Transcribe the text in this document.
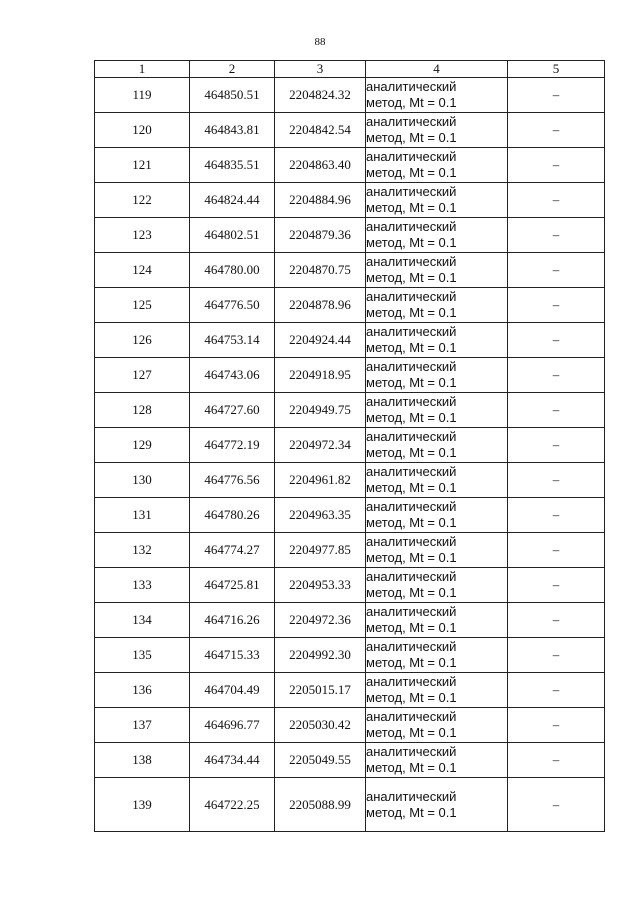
88
1	2	3	4	5
119	464850.51	2204824.32	аналитический
метод, Mt = 0.1	–
120	464843.81	2204842.54	аналитический
метод, Mt = 0.1	–
121	464835.51	2204863.40	аналитический
метод, Mt = 0.1	–
122	464824.44	2204884.96	аналитический
метод, Mt = 0.1	–
123	464802.51	2204879.36	аналитический
метод, Mt = 0.1	–
124	464780.00	2204870.75	аналитический
метод, Mt = 0.1	–
125	464776.50	2204878.96	аналитический
метод, Mt = 0.1	–
126	464753.14	2204924.44	аналитический
метод, Mt = 0.1	–
127	464743.06	2204918.95	аналитический
метод, Mt = 0.1	–
128	464727.60	2204949.75	аналитический
метод, Mt = 0.1	–
129	464772.19	2204972.34	аналитический
метод, Mt = 0.1	–
130	464776.56	2204961.82	аналитический
метод, Mt = 0.1	–
131	464780.26	2204963.35	аналитический
метод, Mt = 0.1	–
132	464774.27	2204977.85	аналитический
метод, Mt = 0.1	–
133	464725.81	2204953.33	аналитический
метод, Mt = 0.1	–
134	464716.26	2204972.36	аналитический
метод, Mt = 0.1	–
135	464715.33	2204992.30	аналитический
метод, Mt = 0.1	–
136	464704.49	2205015.17	аналитический
метод, Mt = 0.1	–
137	464696.77	2205030.42	аналитический
метод, Mt = 0.1	–
138	464734.44	2205049.55	аналитический
метод, Mt = 0.1	–
139	464722.25	2205088.99	аналитический
метод, Mt = 0.1	–
